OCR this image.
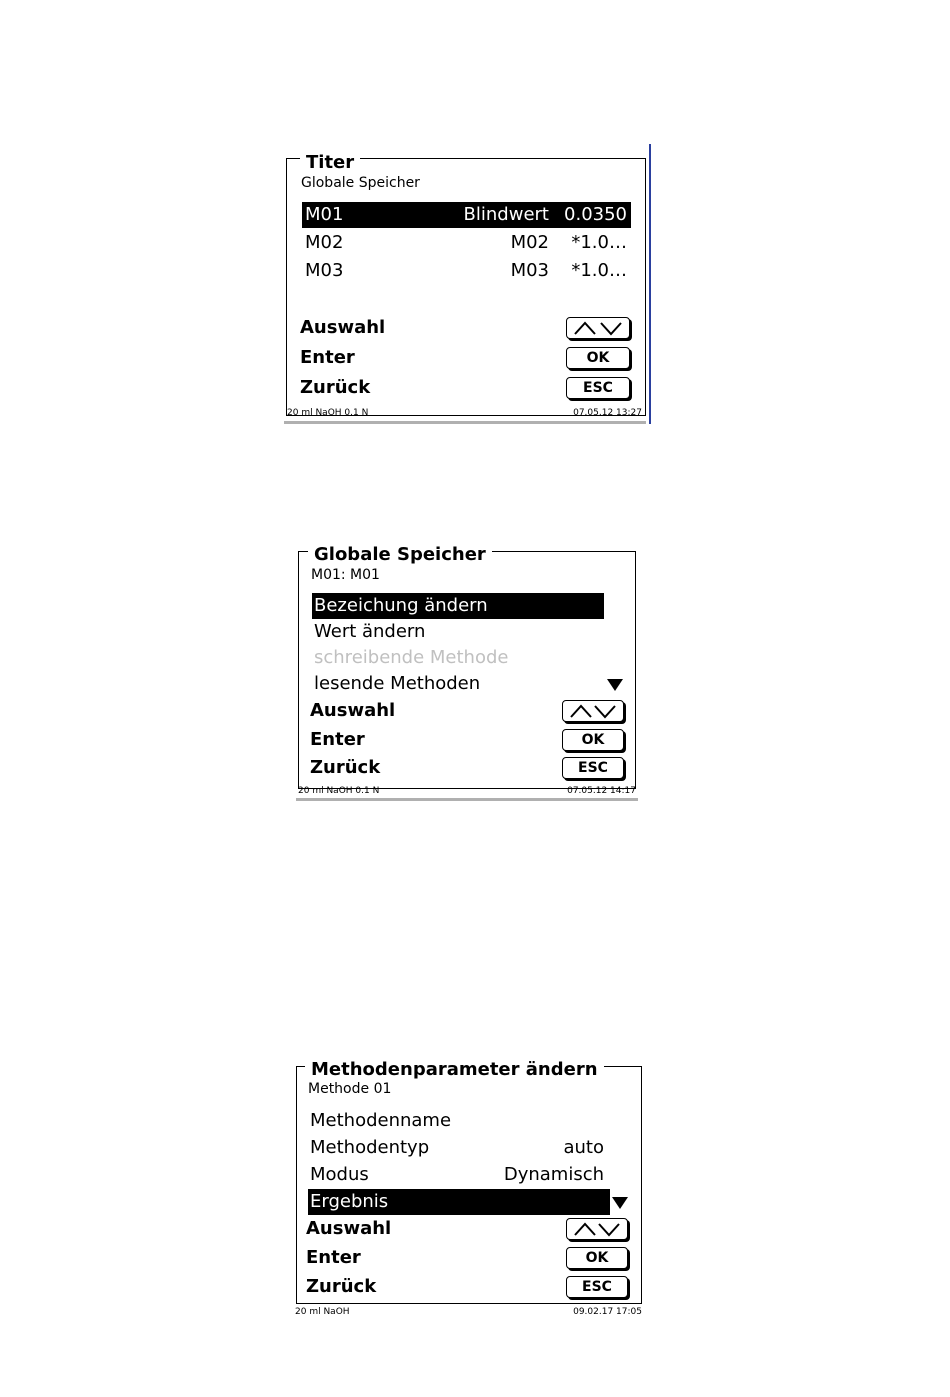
Titer
Globale Speicher
M01	Blindwert 0.0350
M02	M02 *1.0…
M03	M03 *1.0…
Auswahl
Enter	OK
Zurück	ESC
20 ml NaOH 0.1 N	07.05.12 13:27
Globale Speicher
M01: M01
Bezeichung ändern
Wert ändern
schreibende Methode
lesende Methoden
Auswahl
Enter	OK
Zurück	ESC
20 ml NaOH 0.1 N	07.05.12 14:17
Methodenparameter ändern
Methode 01
Methodenname
Methodentyp	auto
Modus	Dynamisch
Ergebnis
Auswahl
Enter	OK
Zurück	ESC
20 ml NaOH	09.02.17 17:05
